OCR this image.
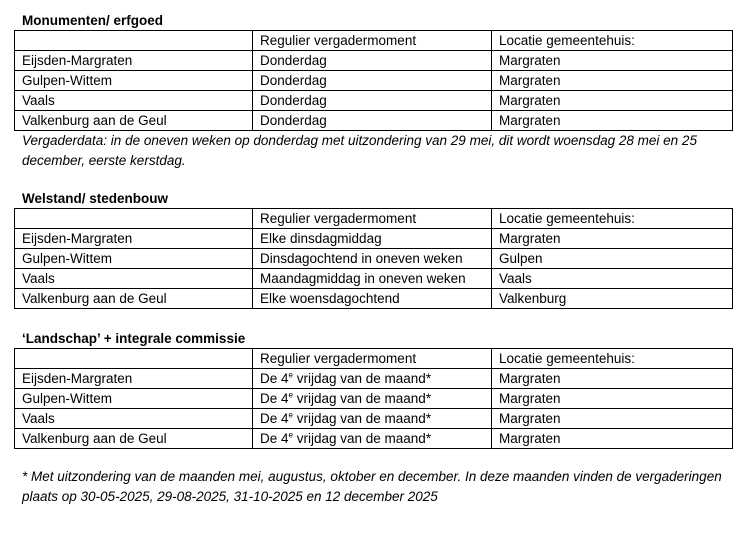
Monumenten/ erfgoed
	Regulier vergadermoment	Locatie gemeentehuis:
Eijsden-Margraten	Donderdag	Margraten
Gulpen-Wittem	Donderdag	Margraten
Vaals	Donderdag	Margraten
Valkenburg aan de Geul	Donderdag	Margraten
Vergaderdata: in de oneven weken op donderdag met uitzondering van 29 mei, dit wordt woensdag 28 mei en 25 december, eerste kerstdag.
Welstand/ stedenbouw
	Regulier vergadermoment	Locatie gemeentehuis:
Eijsden-Margraten	Elke dinsdagmiddag	Margraten
Gulpen-Wittem	Dinsdagochtend in oneven weken	Gulpen
Vaals	Maandagmiddag in oneven weken	Vaals
Valkenburg aan de Geul	Elke woensdagochtend	Valkenburg
‘Landschap’ + integrale commissie
	Regulier vergadermoment	Locatie gemeentehuis:
Eijsden-Margraten	De 4e vrijdag van de maand*	Margraten
Gulpen-Wittem	De 4e vrijdag van de maand*	Margraten
Vaals	De 4e vrijdag van de maand*	Margraten
Valkenburg aan de Geul	De 4e vrijdag van de maand*	Margraten
* Met uitzondering van de maanden mei, augustus, oktober en december. In deze maanden vinden de vergaderingen plaats op 30-05-2025, 29-08-2025, 31-10-2025 en 12 december 2025
